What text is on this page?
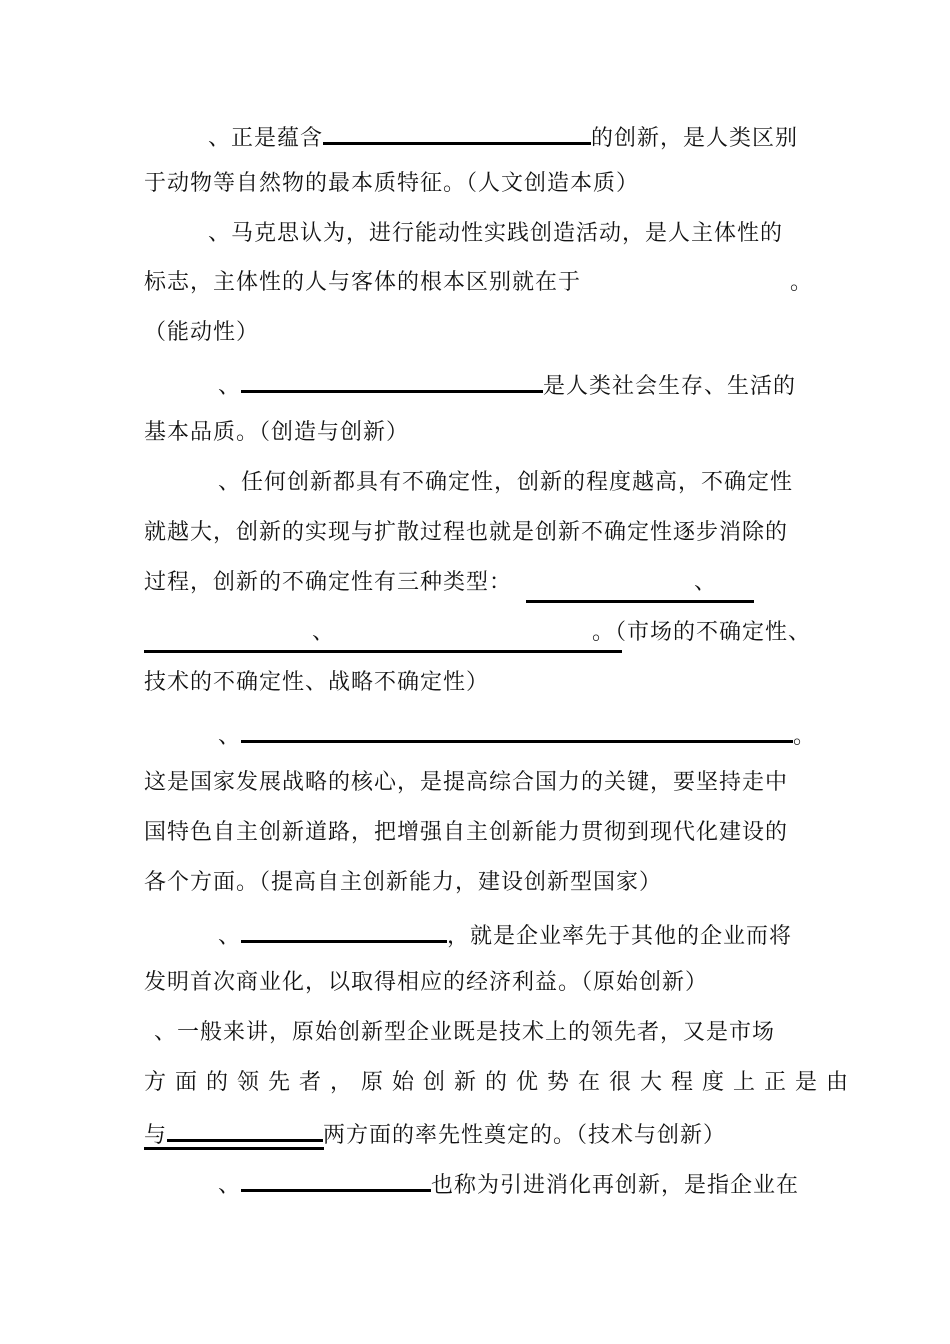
、正是蕴含	的创新，是人类区别
于动物等自然物的最本质特征。（人文创造本质）
、马克思认为，进行能动性实践创造活动，是人主体性的
标志，主体性的人与客体的根本区别就在于	。
（能动性）
、	是人类社会生存、生活的
基本品质。（创造与创新）
、任何创新都具有不确定性，创新的程度越高，不确定性
就越大，创新的实现与扩散过程也就是创新不确定性逐步消除的
过程，创新的不确定性有三种类型：	、
、	。（市场的不确定性、
技术的不确定性、战略不确定性）
、	。
这是国家发展战略的核心，是提高综合国力的关键，要坚持走中
国特色自主创新道路，把增强自主创新能力贯彻到现代化建设的
各个方面。（提高自主创新能力，建设创新型国家）
、	，就是企业率先于其他的企业而将
发明首次商业化，以取得相应的经济利益。（原始创新）
、一般来讲，原始创新型企业既是技术上的领先者，又是市场
方面的领先者，原始创新的优势在很大程度上正是由
与	两方面的率先性奠定的。（技术与创新）
、	也称为引进消化再创新，是指企业在
